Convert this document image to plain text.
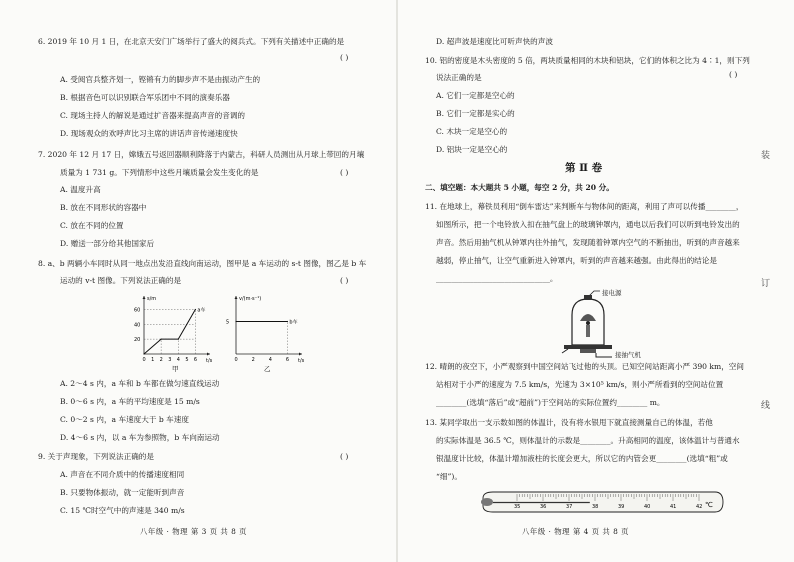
6. 2019 年 10 月 1 日，在北京天安门广场举行了盛大的阅兵式。下列有关描述中正确的是
( )
A. 受阅官兵整齐划一，铿锵有力的脚步声不是由振动产生的
B. 根据音色可以识别联合军乐团中不同的演奏乐器
C. 现场主持人的解说是通过扩音器来提高声音的音调的
D. 现场观众的欢呼声比习主席的讲话声音传递速度快
7. 2020 年 12 月 17 日，嫦娥五号返回器顺利降落于内蒙古，科研人员测出从月球上带回的月壤
质量为 1 731 g。下列情形中这些月壤质量会发生变化的是	( )
A. 温度升高
B. 放在不同形状的容器中
C. 放在不同的位置
D. 赠送一部分给其他国家后
8. a、b 两辆小车同时从同一地点出发沿直线向南运动，图甲是 a 车运动的 s-t 图像，图乙是 b 车
运动的 v-t 图像。下列说法正确的是	( )
s/m
t/s
0 1 2 3 4 5 6
20
40
60	a车
甲
v/(m·s⁻¹)
t/s
0	2	4	6
5	b车
乙
A. 2～4 s 内，a 车和 b 车都在做匀速直线运动
B. 0～6 s 内，a 车的平均速度是 15 m/s
C. 0～2 s 内，a 车速度大于 b 车速度
D. 4～6 s 内，以 a 车为参照物，b 车向南运动
9. 关于声现象，下列说法正确的是	( )
A. 声音在不同介质中的传播速度相同
B. 只要物体振动，就一定能听到声音
C. 15 ℃时空气中的声速是 340 m/s
八年级 · 物理 第 3 页 共 8 页
D. 超声波是速度比可听声快的声波
10. 铝的密度是木头密度的 5 倍，两块质量相同的木块和铝块，它们的体积之比为 4∶1，则下列
( )
说法正确的是
A. 它们一定都是空心的
B. 它们一定都是实心的
C. 木块一定是空心的
D. 铝块一定是空心的
第 Ⅱ 卷
二、填空题：本大题共 5 小题，每空 2 分，共 20 分。
11. 在地球上，幕铁员利用“倒车雷达”来判断车与物体间的距离，利用了声可以传播________，
如图所示，把一个电铃放入扣在抽气盘上的玻璃钟罩内，通电以后我们可以听到电铃发出的
声音。然后用抽气机从钟罩内往外抽气，发现随着钟罩内空气的不断抽出，听到的声音越来
越弱，停止抽气，让空气重新进入钟罩内，听到的声音越来越强。由此得出的结论是
______________________________。
接电源
接抽气机
12. 晴朗的夜空下，小严观察到中国空间站飞过他的头顶。已知空间站距离小严 390 km，空间
站相对于小严的速度为 7.5 km/s，光速为 3×10⁵ km/s，则小严所看到的空间站位置
________(选填“落后”或“超前”)于空间站的实际位置约________ m。
13. 某同学取出一支示数如图的体温计，没有将水银甩下就直接测量自己的体温，若他
的实际体温是 36.5 ℃，则体温计的示数是________。升高相同的温度，该体温计与普通水
银温度计比较，体温计增加液柱的长度会更大，所以它的内管会更________(选填“粗”或
“细”)。
35	36	37	38	39	40	41	42 ℃
八年级 · 物理 第 4 页 共 8 页
装
订
线
